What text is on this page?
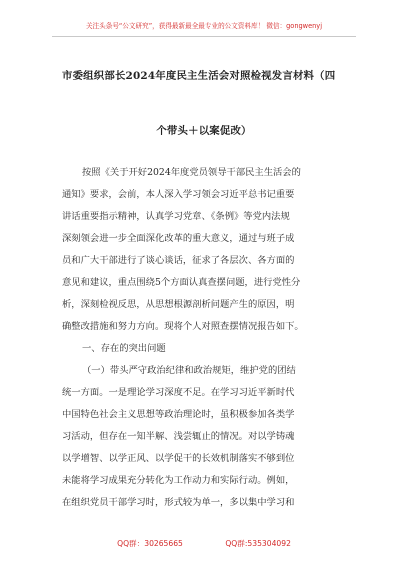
关注头条号“公文研究”，获得最新最全最专业的公文资料库！ 微信：gongwenyj
市委组织部长2024年度民主生活会对照检视发言材料（四
个带头＋以案促改）
按照《关于开好2024年度党员领导干部民主生活会的
通知》要求，会前，本人深入学习领会习近平总书记重要
讲话重要指示精神，认真学习党章、《条例》等党内法规
深刻领会进一步全面深化改革的重大意义，通过与班子成
员和广大干部进行了谈心谈话，征求了各层次、各方面的
意见和建议，重点围绕5个方面认真查摆问题，进行党性分
析，深刻检视反思，从思想根源剖析问题产生的原因，明
确整改措施和努力方向。现将个人对照查摆情况报告如下。
一、存在的突出问题
（一）带头严守政治纪律和政治规矩，维护党的团结
统一方面。一是理论学习深度不足。在学习习近平新时代
中国特色社会主义思想等政治理论时，虽积极参加各类学
习活动，但存在一知半解、浅尝辄止的情况。对以学铸魂
以学增智、以学正风、以学促干的长效机制落实不够到位
未能将学习成果充分转化为工作动力和实际行动。例如，
在组织党员干部学习时，形式较为单一，多以集中学习和
QQ群：30265665	QQ群:535304092
